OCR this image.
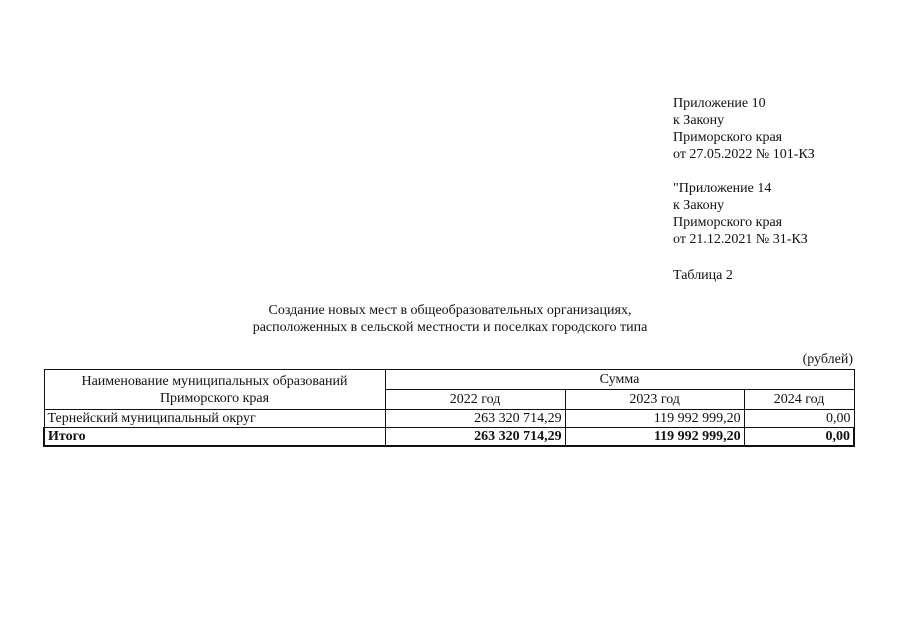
Приложение 10
к Закону
Приморского края
от 27.05.2022 № 101-КЗ
"Приложение 14
к Закону
Приморского края
от 21.12.2021 № 31-КЗ
Таблица 2
Создание новых мест в общеобразовательных организациях,
расположенных в сельской местности и поселках городского типа
(рублей)
Наименование муниципальных образований
Приморского края	Сумма		
	2022 год	2023 год	2024 год
Тернейский муниципальный округ	263 320 714,29	119 992 999,20	0,00
Итого	263 320 714,29	119 992 999,20	0,00
